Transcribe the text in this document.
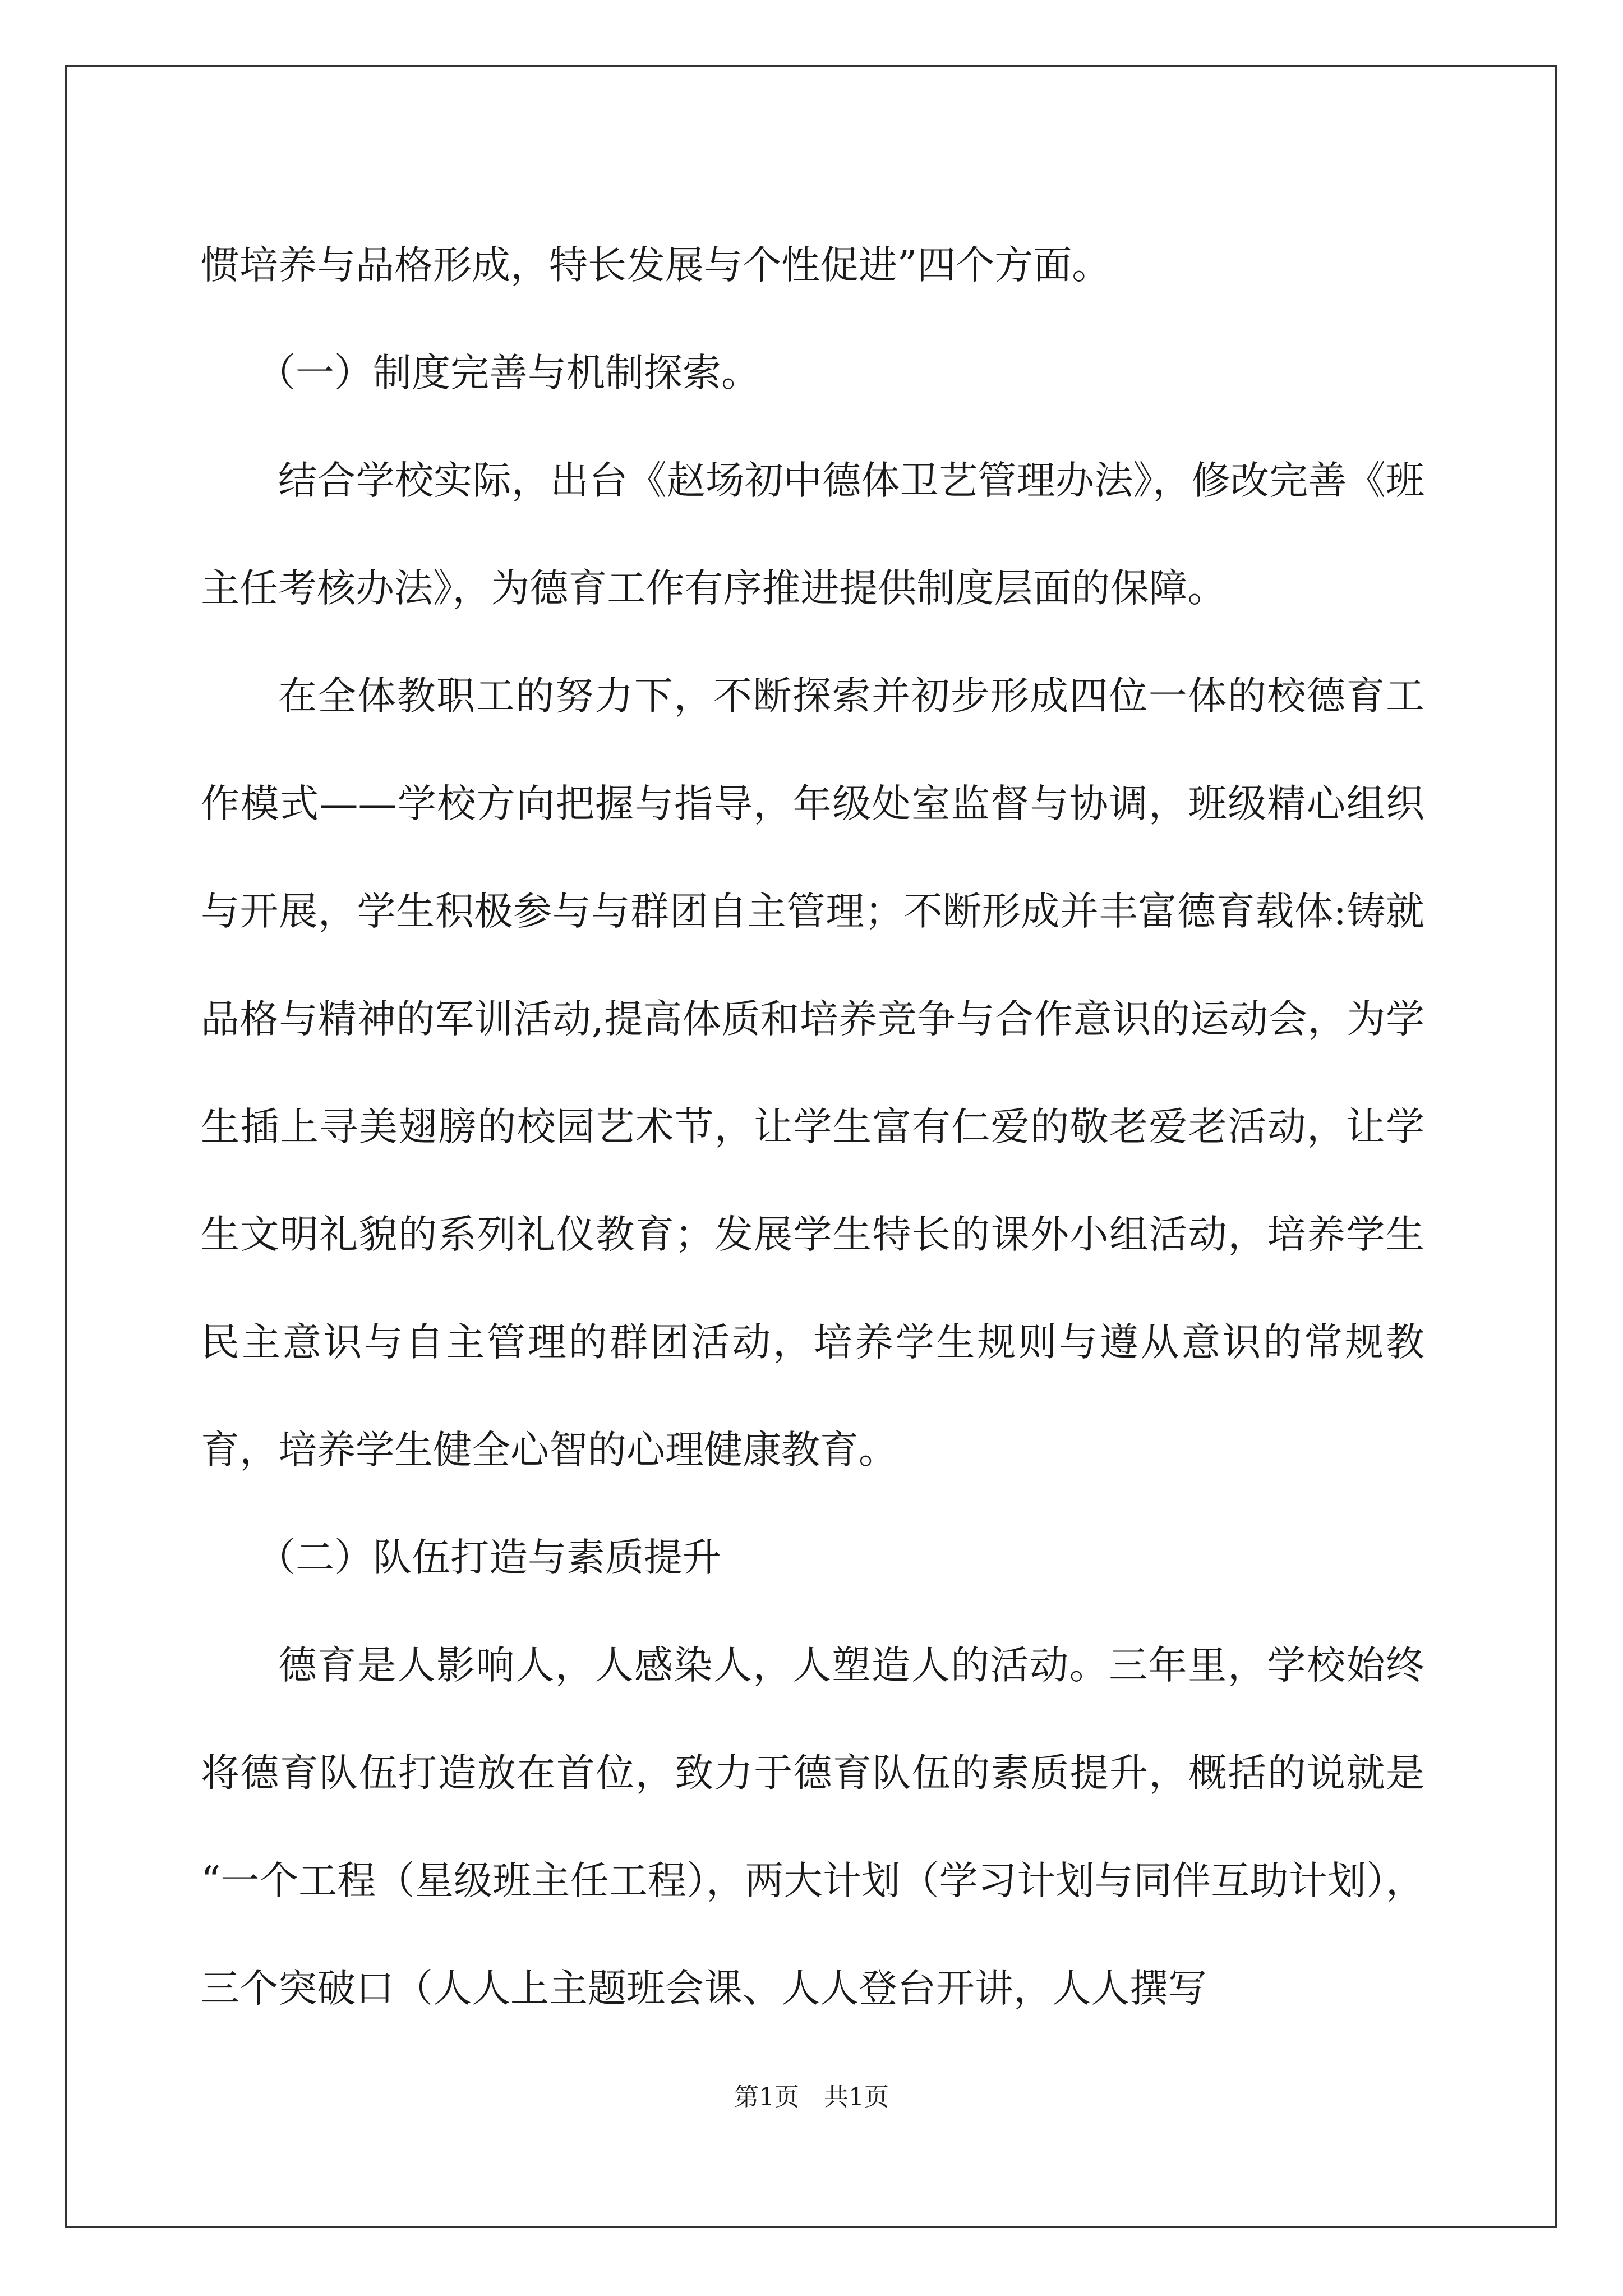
惯培养与品格形成，特长发展与个性促进”四个方面。

（一）制度完善与机制探索。

结合学校实际，出台《赵场初中德体卫艺管理办法》，修改完善《班主任考核办法》，为德育工作有序推进提供制度层面的保障。

在全体教职工的努力下，不断探索并初步形成四位一体的校德育工作模式——学校方向把握与指导，年级处室监督与协调，班级精心组织与开展，学生积极参与与群团自主管理；不断形成并丰富德育载体:铸就品格与精神的军训活动,提高体质和培养竞争与合作意识的运动会，为学生插上寻美翅膀的校园艺术节，让学生富有仁爱的敬老爱老活动，让学生文明礼貌的系列礼仪教育；发展学生特长的课外小组活动，培养学生民主意识与自主管理的群团活动，培养学生规则与遵从意识的常规教育，培养学生健全心智的心理健康教育。

（二）队伍打造与素质提升

德育是人影响人，人感染人，人塑造人的活动。三年里，学校始终将德育队伍打造放在首位，致力于德育队伍的素质提升，概括的说就是 “一个工程（星级班主任工程），两大计划（学习计划与同伴互助计划），三个突破口（人人上主题班会课、人人登台开讲，人人撰写

第1页 共1页
